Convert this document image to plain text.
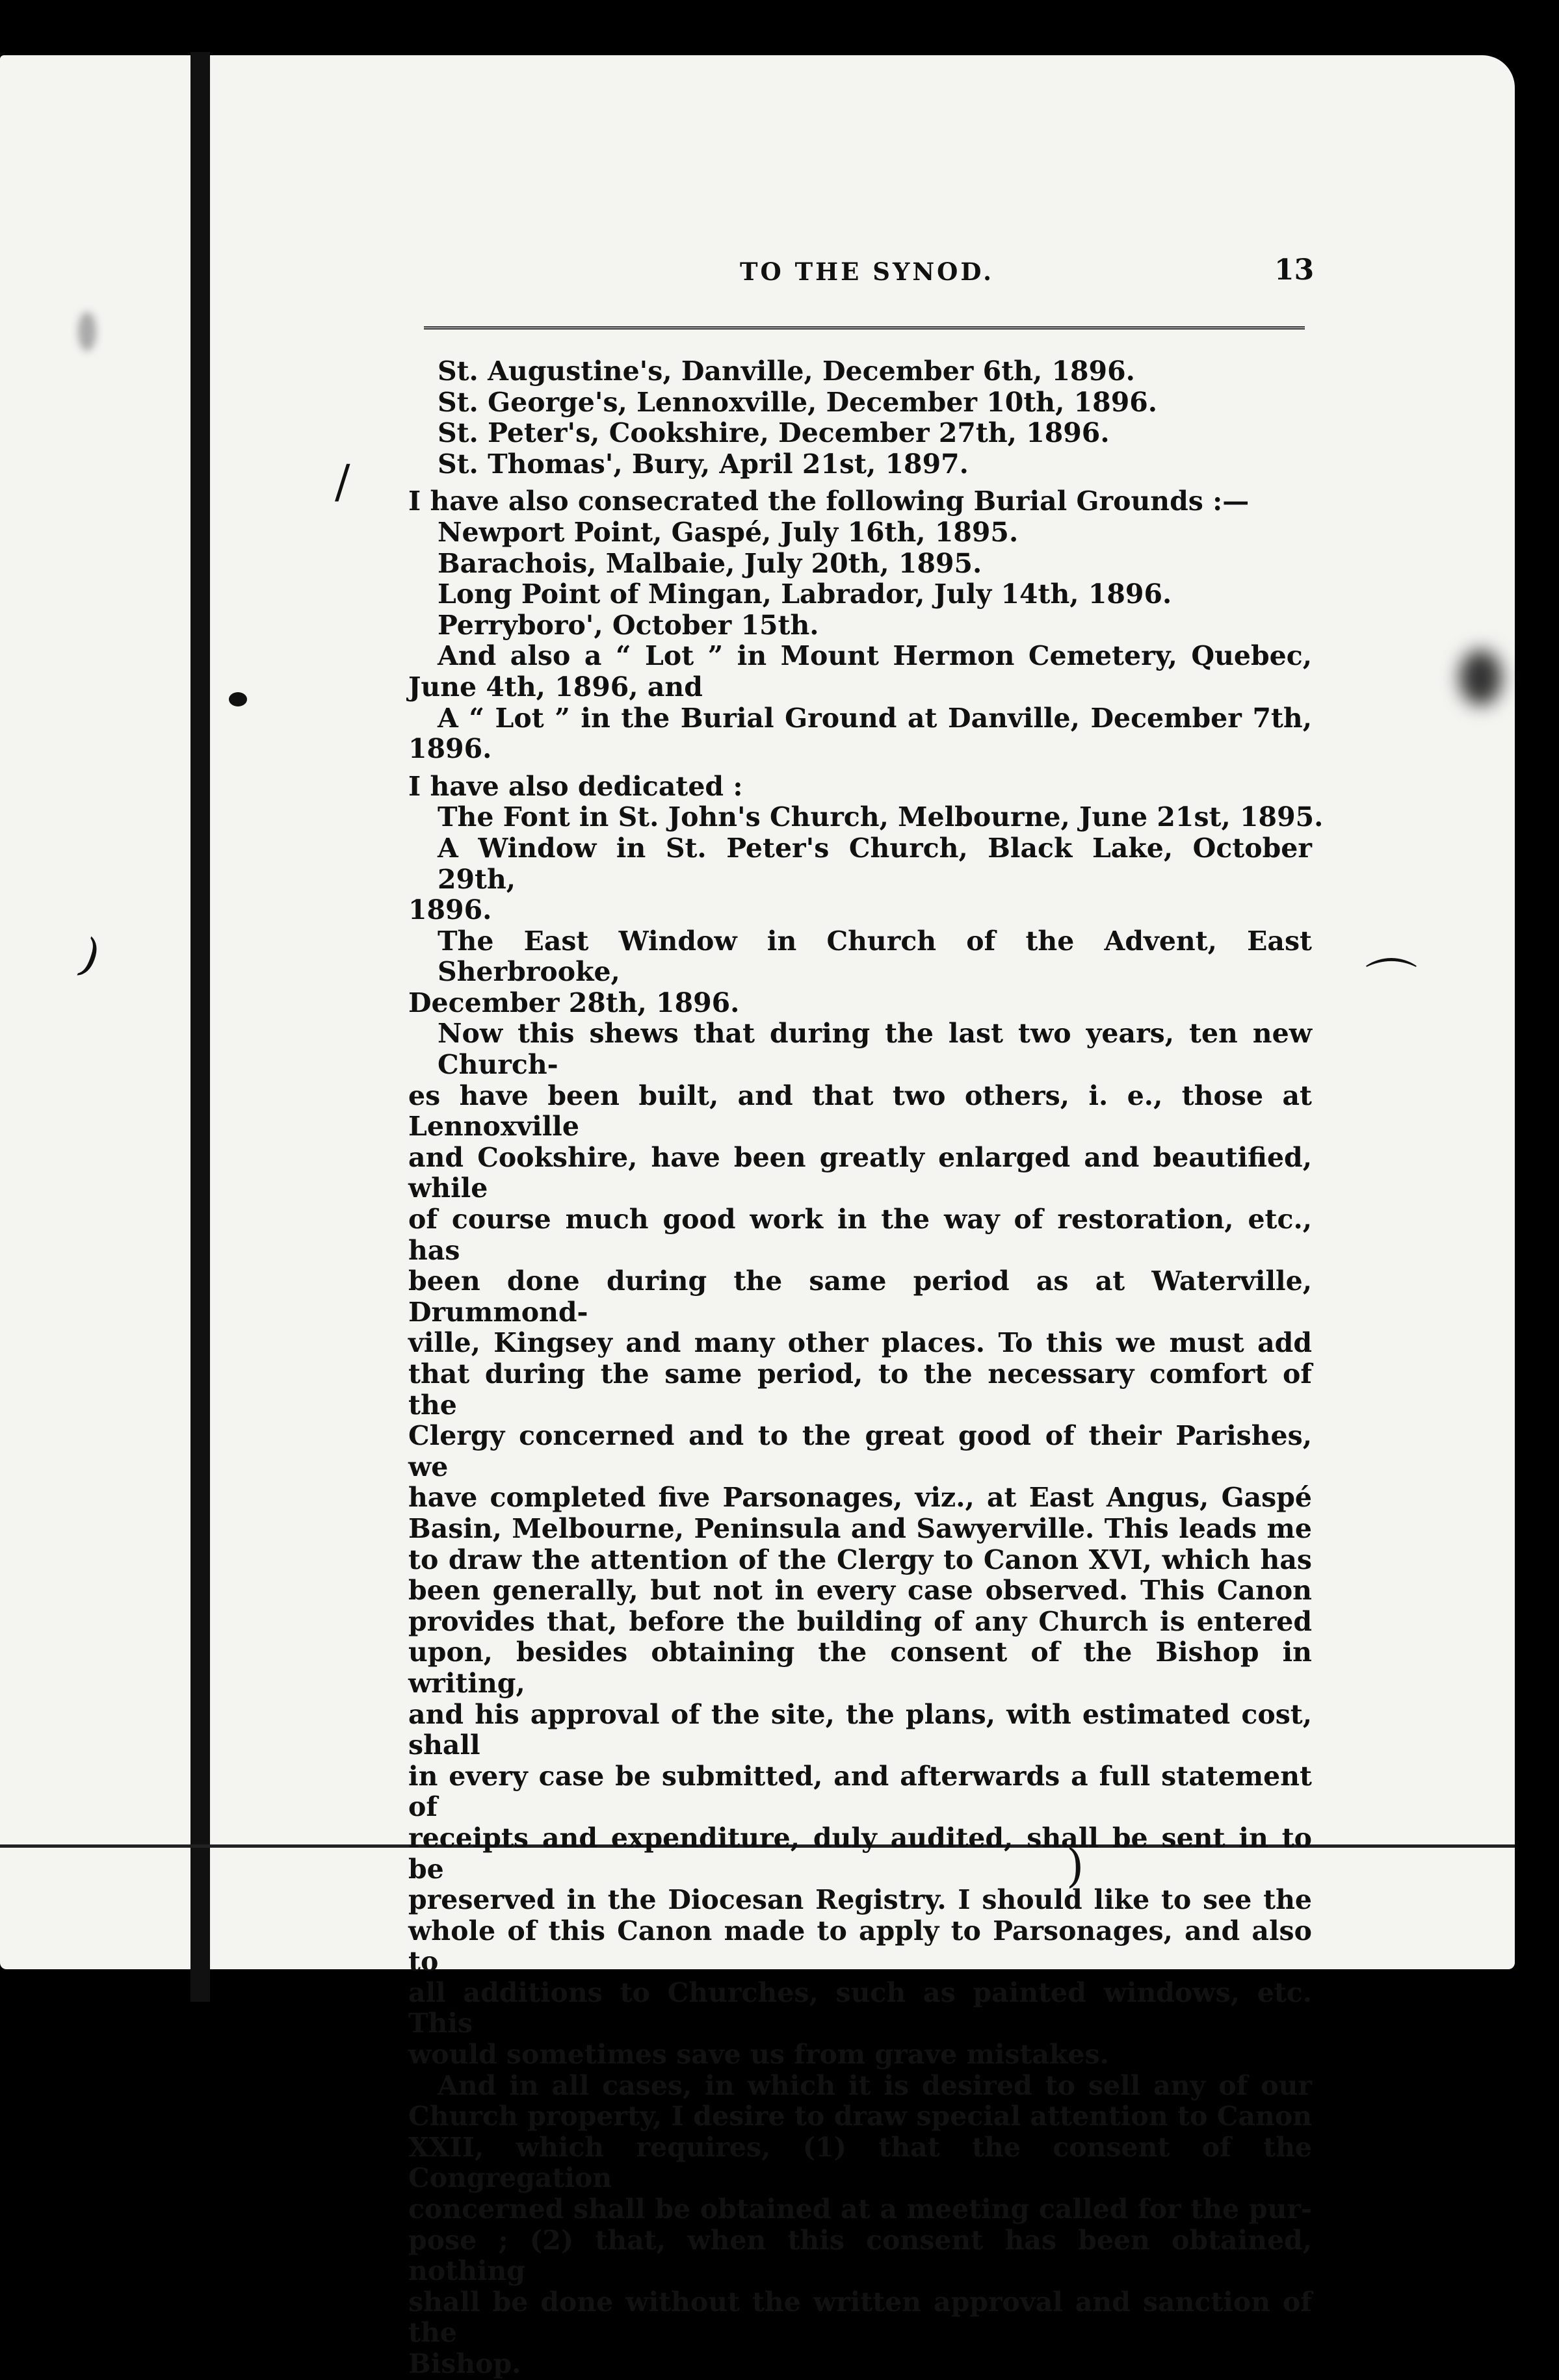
/
)	⌒
)
TO THE SYNOD.	13
St. Augustine's, Danville, December 6th, 1896.
St. George's, Lennoxville, December 10th, 1896.
St. Peter's, Cookshire, December 27th, 1896.
St. Thomas', Bury, April 21st, 1897.
I have also consecrated the following Burial Grounds :—
Newport Point, Gaspé, July 16th, 1895.
Barachois, Malbaie, July 20th, 1895.
Long Point of Mingan, Labrador, July 14th, 1896.
Perryboro', October 15th.
And also a “ Lot ” in Mount Hermon Cemetery, Quebec,
June 4th, 1896, and
A “ Lot ” in the Burial Ground at Danville, December 7th,
1896.
I have also dedicated :
The Font in St. John's Church, Melbourne, June 21st, 1895.
A Window in St. Peter's Church, Black Lake, October 29th,
1896.
The East Window in Church of the Advent, East Sherbrooke,
December 28th, 1896.
Now this shews that during the last two years, ten new Church-
es have been built, and that two others, i. e., those at Lennoxville
and Cookshire, have been greatly enlarged and beautified, while
of course much good work in the way of restoration, etc., has
been done during the same period as at Waterville, Drummond-
ville, Kingsey and many other places. To this we must add
that during the same period, to the necessary comfort of the
Clergy concerned and to the great good of their Parishes, we
have completed five Parsonages, viz., at East Angus, Gaspé
Basin, Melbourne, Peninsula and Sawyerville. This leads me
to draw the attention of the Clergy to Canon XVI, which has
been generally, but not in every case observed. This Canon
provides that, before the building of any Church is entered
upon, besides obtaining the consent of the Bishop in writing,
and his approval of the site, the plans, with estimated cost, shall
in every case be submitted, and afterwards a full statement of
receipts and expenditure, duly audited, shall be sent in to be
preserved in the Diocesan Registry. I should like to see the
whole of this Canon made to apply to Parsonages, and also to
all additions to Churches, such as painted windows, etc. This
would sometimes save us from grave mistakes.
And in all cases, in which it is desired to sell any of our
Church property, I desire to draw special attention to Canon
XXII, which requires, (1) that the consent of the Congregation
concerned shall be obtained at a meeting called for the pur-
pose ; (2) that, when this consent has been obtained, nothing
shall be done without the written approval and sanction of the
Bishop.
